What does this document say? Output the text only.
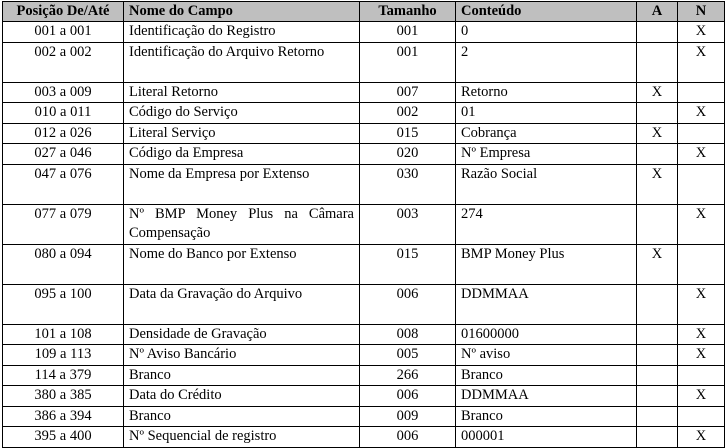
Posição De/Até	Nome do Campo	Tamanho	Conteúdo	A	N
001 a 001	Identificação do Registro	001	0		X
002 a 002	Identificação do Arquivo Retorno	001	2		X
003 a 009	Literal Retorno	007	Retorno	X	
010 a 011	Código do Serviço	002	01		X
012 a 026	Literal Serviço	015	Cobrança	X	
027 a 046	Código da Empresa	020	Nº Empresa		X
047 a 076	Nome da Empresa por Extenso	030	Razão Social	X	
077 a 079	Nº BMP Money Plus na Câmara Compensação	003	274		X
080 a 094	Nome do Banco por Extenso	015	BMP Money Plus	X	
095 a 100	Data da Gravação do Arquivo	006	DDMMAA		X
101 a 108	Densidade de Gravação	008	01600000		X
109 a 113	Nº Aviso Bancário	005	Nº aviso		X
114 a 379	Branco	266	Branco		
380 a 385	Data do Crédito	006	DDMMAA		X
386 a 394	Branco	009	Branco		
395 a 400	Nº Sequencial de registro	006	000001		X
